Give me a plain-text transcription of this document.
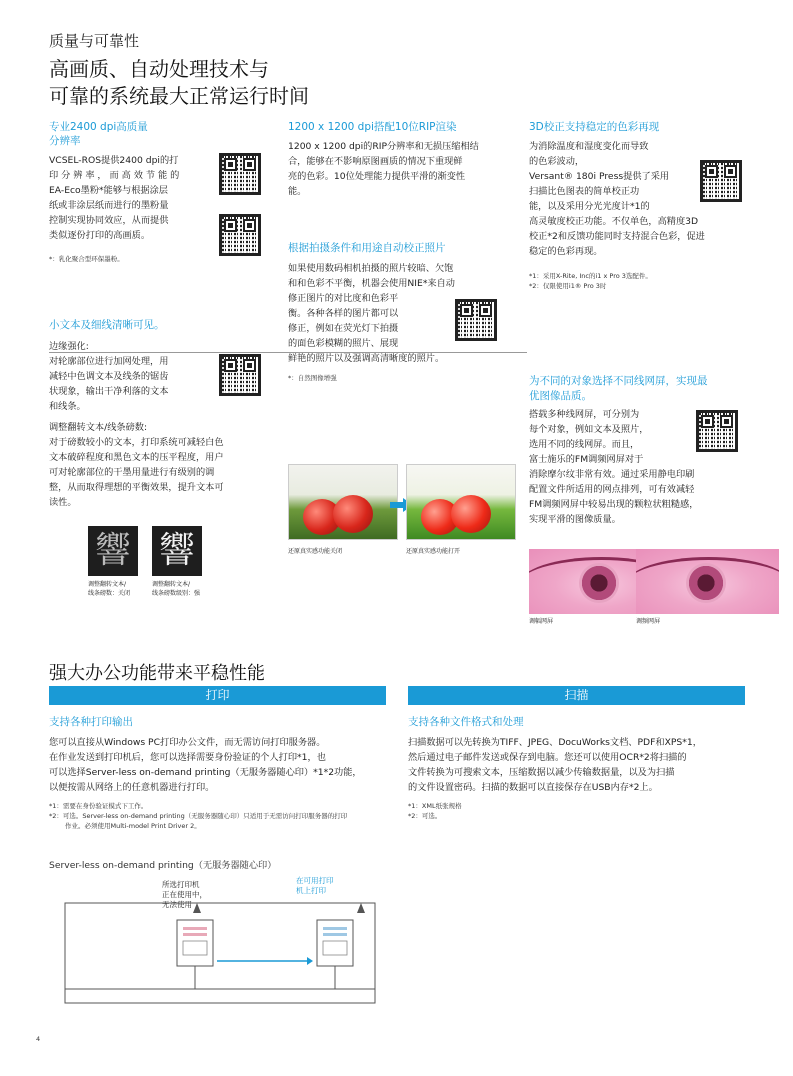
质量与可靠性
高画质、自动处理技术与
可靠的系统最大正常运行时间
专业2400 dpi高质量
分辨率
VCSEL-ROS提供2400 dpi的打
印 分 辨 率 ， 而 高 效 节 能 的
EA-Eco墨粉*能够与根据涂层
纸或非涂层纸而进行的墨粉量
控制实现协同效应，从而提供
类似逐份打印的高画质。
*：乳化聚合型环保墨粉。
小文本及细线清晰可见。
边缘强化:
对轮廓部位进行加网处理，用
减轻中色调文本及线条的锯齿
状现象，输出干净利落的文本
和线条。
调整翻转文本/线条磅数:
对于磅数较小的文本，打印系统可减轻白色
文本破碎程度和黑色文本的压平程度，用户
可对轮廓部位的干墨用量进行有级别的调
整，从而取得理想的平衡效果，提升文本可
读性。
響 響
调整翻转文本/
线条磅数：关闭
调整翻转文本/
线条磅数级别：强
1200 x 1200 dpi搭配10位RIP渲染
1200 x 1200 dpi的RIP分辨率和无损压缩相结
合，能够在不影响原图画质的情况下重现鲜
亮的色彩。10位处理能力提供平滑的渐变性
能。
根据拍摄条件和用途自动校正照片
如果使用数码相机拍摄的照片较暗、欠饱
和和色彩不平衡，机器会使用NIE*来自动
修正图片的对比度和色彩平
衡。各种各样的图片都可以
修正，例如在荧光灯下拍摄
的面色彩模糊的照片、展现
鲜艳的照片以及强调高清晰度的照片。
*：自然图像增强
还原真实感功能关闭	还原真实感功能打开
3D校正支持稳定的色彩再现
为消除温度和湿度变化而导致
的色彩波动，
Versant® 180i Press提供了采用
扫描比色图表的简单校正功
能，以及采用分光光度计*1的
高灵敏度校正功能。不仅单色，高精度3D
校正*2和反馈功能同时支持混合色彩，促进
稳定的色彩再现。
*1：采用X-Rite, Inc的i1 x Pro 3选配件。
*2：仅限使用i1® Pro 3时
为不同的对象选择不同线网屏，实现最
优图像品质。
搭载多种线网屏，可分别为
每个对象，例如文本及照片，
选用不同的线网屏。而且，
富士施乐的FM调频网屏对于
消除摩尔纹非常有效。通过采用静电印刷
配置文件所适用的网点排列，可有效减轻
FM调频网屏中较易出现的颗粒状粗糙感，
实现平滑的图像质量。
调幅网屏	调频网屏
强大办公功能带来平稳性能
打印	扫描
支持各种打印输出
您可以直接从Windows PC打印办公文件，而无需访问打印服务器。
在作业发送到打印机后，您可以选择需要身份验证的个人打印*1，也
可以选择Server-less on-demand printing（无服务器随心印）*1*2功能，
以便按需从网络上的任意机器进行打印。
*1：需要在身份验证模式下工作。
*2：可选。Server-less on-demand printing（无服务器随心印）只适用于无需访问打印服务器的打印
作业。必须使用Multi-model Print Driver 2。
支持各种文件格式和处理
扫描数据可以先转换为TIFF、JPEG、DocuWorks文档、PDF和XPS*1，
然后通过电子邮件发送或保存到电脑。您还可以使用OCR*2将扫描的
文件转换为可搜索文本，压缩数据以减少传输数据量，以及为扫描
的文件设置密码。扫描的数据可以直接保存在USB内存*2上。
*1：XML纸张规格
*2：可选。
Server-less on-demand printing（无服务器随心印）
所选打印机
正在使用中，
无法使用
在可用打印
机上打印
4
